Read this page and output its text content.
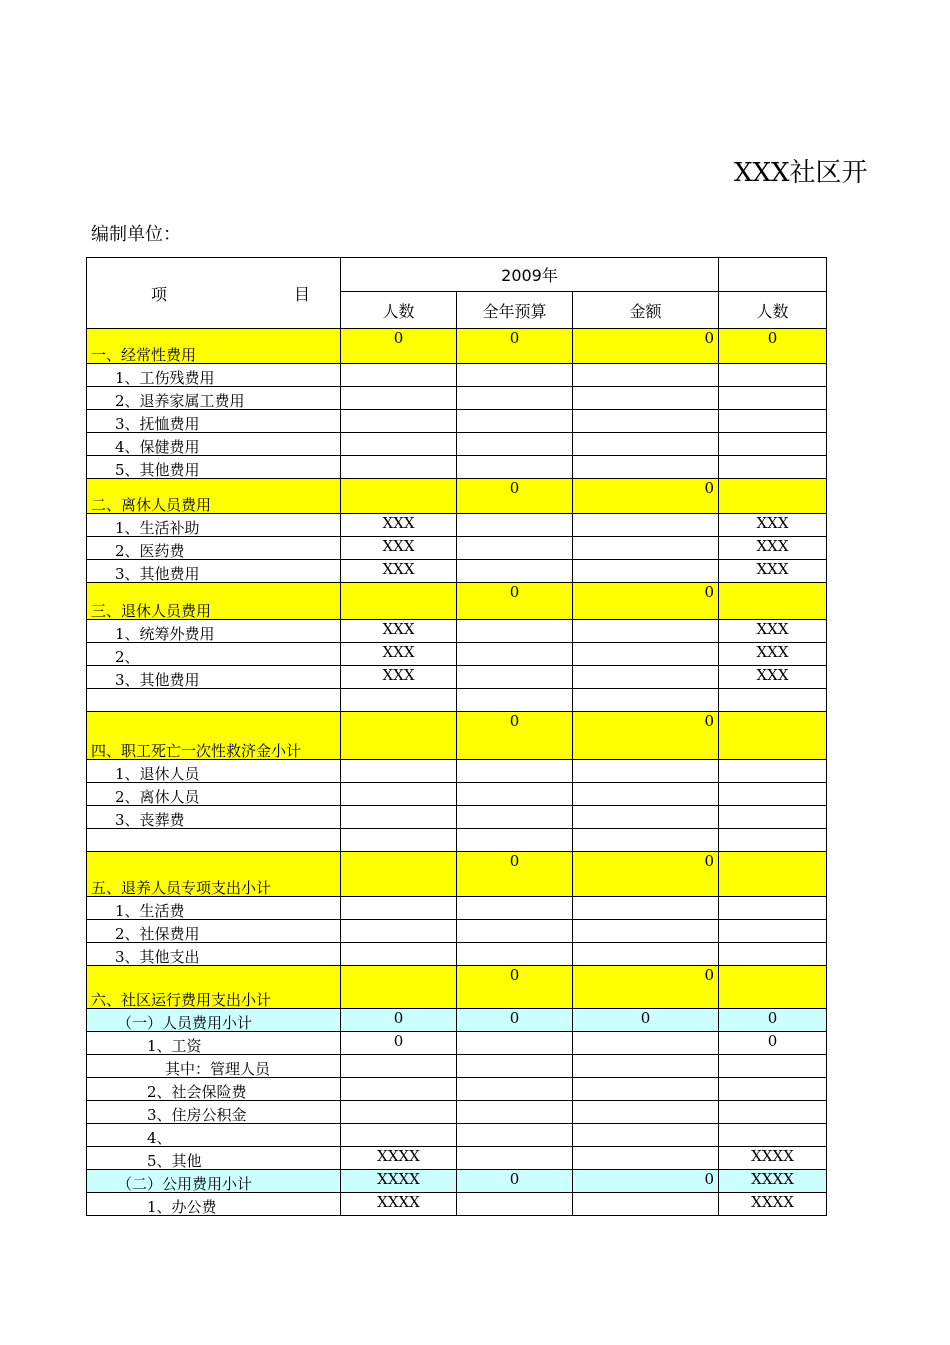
XXX社区开
编制单位：
项 目	2009年			
	人数	全年预算	金额	人数
一、经常性费用	0	0	0	0
1、工伤残费用				
2、退养家属工费用				
3、抚恤费用				
4、保健费用				
5、其他费用				
二、离休人员费用		0	0	
1、生活补助	XXX			XXX
2、医药费	XXX			XXX
3、其他费用	XXX			XXX
三、退休人员费用		0	0	
1、统筹外费用	XXX			XXX
2、	XXX			XXX
3、其他费用	XXX			XXX

四、职工死亡一次性救济金小计		0	0	
1、退休人员				
2、离休人员				
3、丧葬费				

五、退养人员专项支出小计		0	0	
1、生活费				
2、社保费用				
3、其他支出				
六、社区运行费用支出小计		0	0	
（一）人员费用小计	0	0	0	0
1、工资	0			0
其中：管理人员				
2、社会保险费				
3、住房公积金				
4、				
5、其他	XXXX			XXXX
（二）公用费用小计	XXXX	0	0	XXXX
1、办公费	XXXX			XXXX
